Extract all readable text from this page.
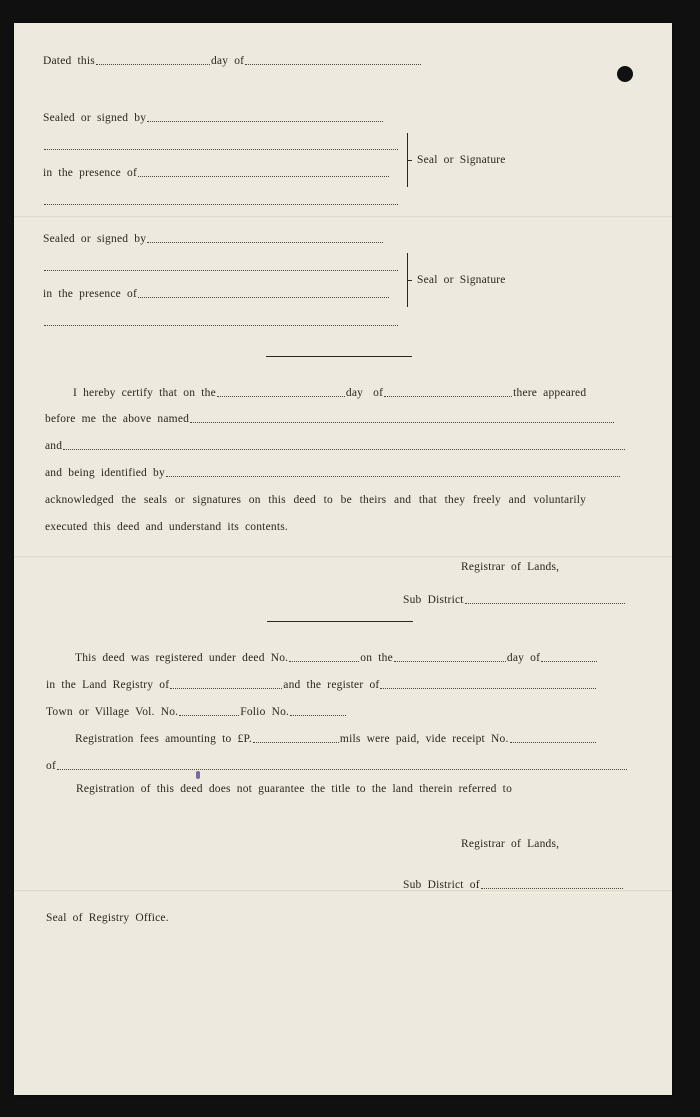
Dated this	day of
Sealed or signed by
in the presence of
Seal or Signature
Sealed or signed by
in the presence of
Seal or Signature
I hereby certify that on the	day of	there appeared
before me the above named
and
and being identified by
acknowledged the seals or signatures on this deed to be theirs and that they freely and voluntarily
executed this deed and understand its contents.
Registrar of Lands,
Sub District
This deed was registered under deed No.	on the	day of
in the Land Registry of	and the register of
Town or Village Vol. No.	Folio No.
Registration fees amounting to £P.	mils were paid, vide receipt No.
of
Registration of this deed does not guarantee the title to the land therein referred to
Registrar of Lands,
Sub District of
Seal of Registry Office.
